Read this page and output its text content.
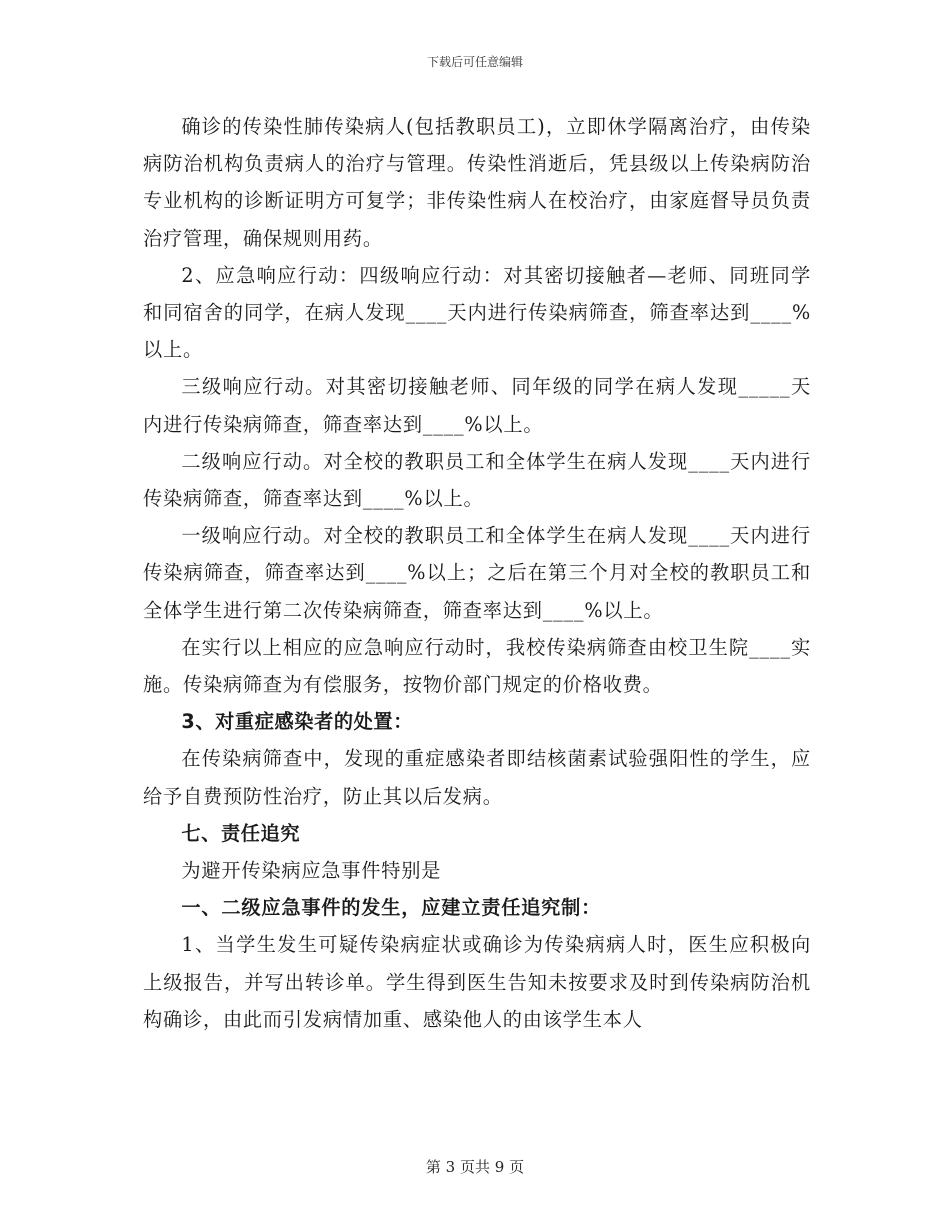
下载后可任意编辑

确诊的传染性肺传染病人(包括教职员工)，立即休学隔离治疗，由传染病防治机构负责病人的治疗与管理。传染性消逝后，凭县级以上传染病防治专业机构的诊断证明方可复学；非传染性病人在校治疗，由家庭督导员负责治疗管理，确保规则用药。

2、应急响应行动：四级响应行动：对其密切接触者—老师、同班同学和同宿舍的同学，在病人发现____天内进行传染病筛查，筛查率达到____%以上。

三级响应行动。对其密切接触老师、同年级的同学在病人发现_____天内进行传染病筛查，筛查率达到____%以上。

二级响应行动。对全校的教职员工和全体学生在病人发现____天内进行传染病筛查，筛查率达到____%以上。

一级响应行动。对全校的教职员工和全体学生在病人发现____天内进行传染病筛查，筛查率达到____%以上；之后在第三个月对全校的教职员工和全体学生进行第二次传染病筛查，筛查率达到____%以上。

在实行以上相应的应急响应行动时，我校传染病筛查由校卫生院____实施。传染病筛查为有偿服务，按物价部门规定的价格收费。

3、对重症感染者的处置：

在传染病筛查中，发现的重症感染者即结核菌素试验强阳性的学生，应给予自费预防性治疗，防止其以后发病。

七、责任追究

为避开传染病应急事件特别是

一、二级应急事件的发生，应建立责任追究制：

1、当学生发生可疑传染病症状或确诊为传染病病人时，医生应积极向上级报告，并写出转诊单。学生得到医生告知未按要求及时到传染病防治机构确诊，由此而引发病情加重、感染他人的由该学生本人

第 3 页共 9 页
